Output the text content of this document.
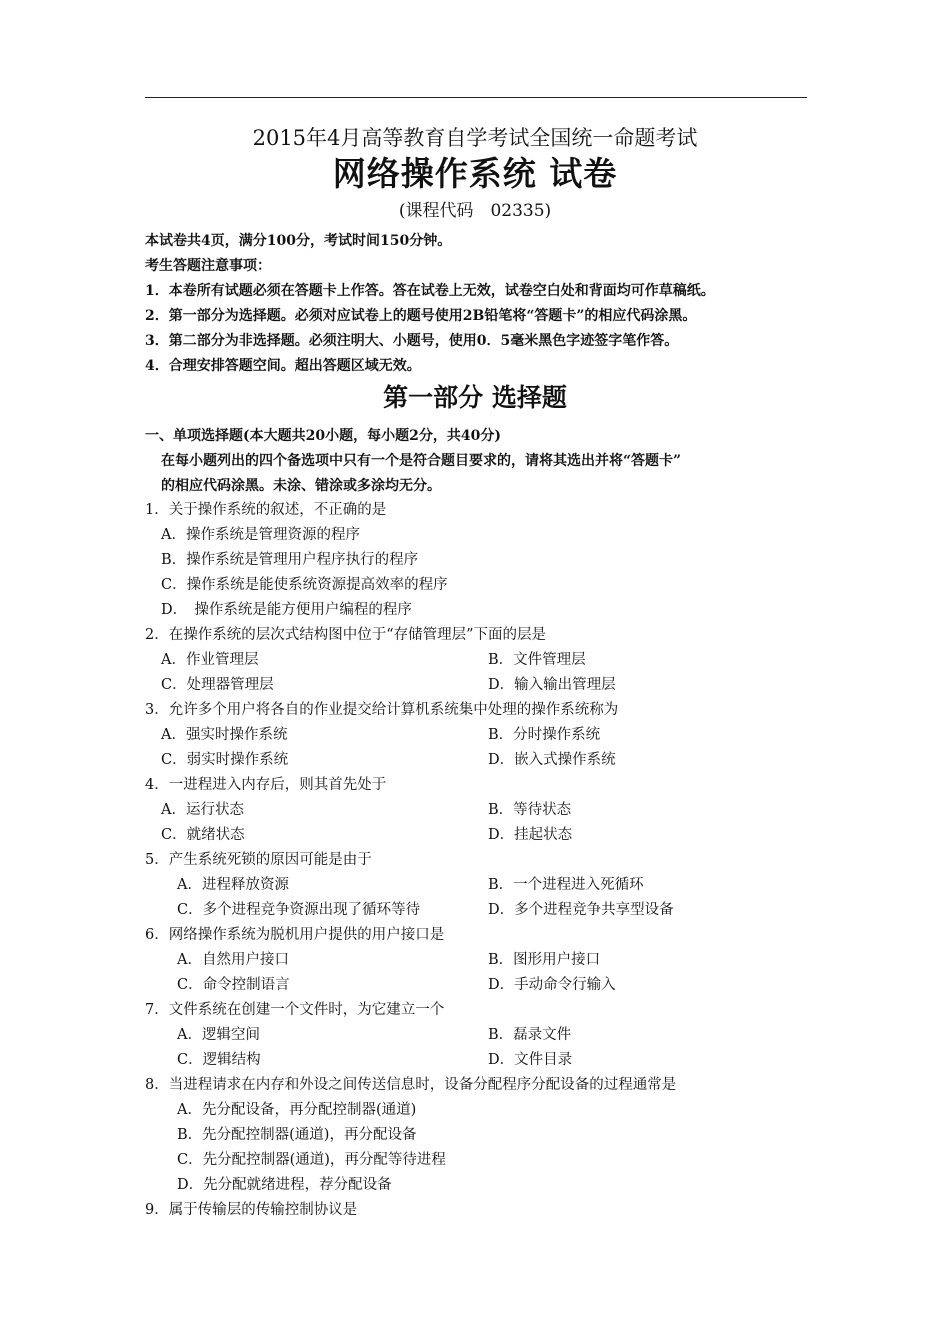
2015年4月高等教育自学考试全国统一命题考试
网络操作系统 试卷
(课程代码　02335)
本试卷共4页，满分100分，考试时间150分钟。
考生答题注意事项：
1．本卷所有试题必须在答题卡上作答。答在试卷上无效，试卷空白处和背面均可作草稿纸。
2．第一部分为选择题。必须对应试卷上的题号使用2B铅笔将“答题卡”的相应代码涂黑。
3．第二部分为非选择题。必须注明大、小题号，使用0．5毫米黑色字迹签字笔作答。
4．合理安排答题空间。超出答题区域无效。
第一部分 选择题
一、单项选择题(本大题共20小题，每小题2分，共40分)
在每小题列出的四个备选项中只有一个是符合题目要求的，请将其选出并将“答题卡”
的相应代码涂黑。未涂、错涂或多涂均无分。
1．关于操作系统的叙述，不正确的是
A．操作系统是管理资源的程序
B．操作系统是管理用户程序执行的程序
C．操作系统是能使系统资源提高效率的程序
D．　操作系统是能方便用户编程的程序
2．在操作系统的层次式结构图中位于“存储管理层”下面的层是
A．作业管理层	B．文件管理层
C．处理器管理层	D．输入输出管理层
3．允许多个用户将各自的作业提交给计算机系统集中处理的操作系统称为
A．强实时操作系统	B．分时操作系统
C．弱实时操作系统	D．嵌入式操作系统
4．一进程进入内存后，则其首先处于
A．运行状态	B．等待状态
C．就绪状态	D．挂起状态
5．产生系统死锁的原因可能是由于
A．进程释放资源	B．一个进程进入死循环
C．多个进程竞争资源出现了循环等待	D．多个进程竞争共享型设备
6．网络操作系统为脱机用户提供的用户接口是
A．自然用户接口	B．图形用户接口
C．命令控制语言	D．手动命令行输入
7．文件系统在创建一个文件时，为它建立一个
A．逻辑空间	B．磊录文件
C．逻辑结构	D．文件目录
8．当进程请求在内存和外设之间传送信息时，设备分配程序分配设备的过程通常是
A．先分配设备，再分配控制器(通道)
B．先分配控制器(通道)，再分配设备
C．先分配控制器(通道)，再分配等待进程
D．先分配就绪进程，荐分配设备
9．属于传输层的传输控制协议是
